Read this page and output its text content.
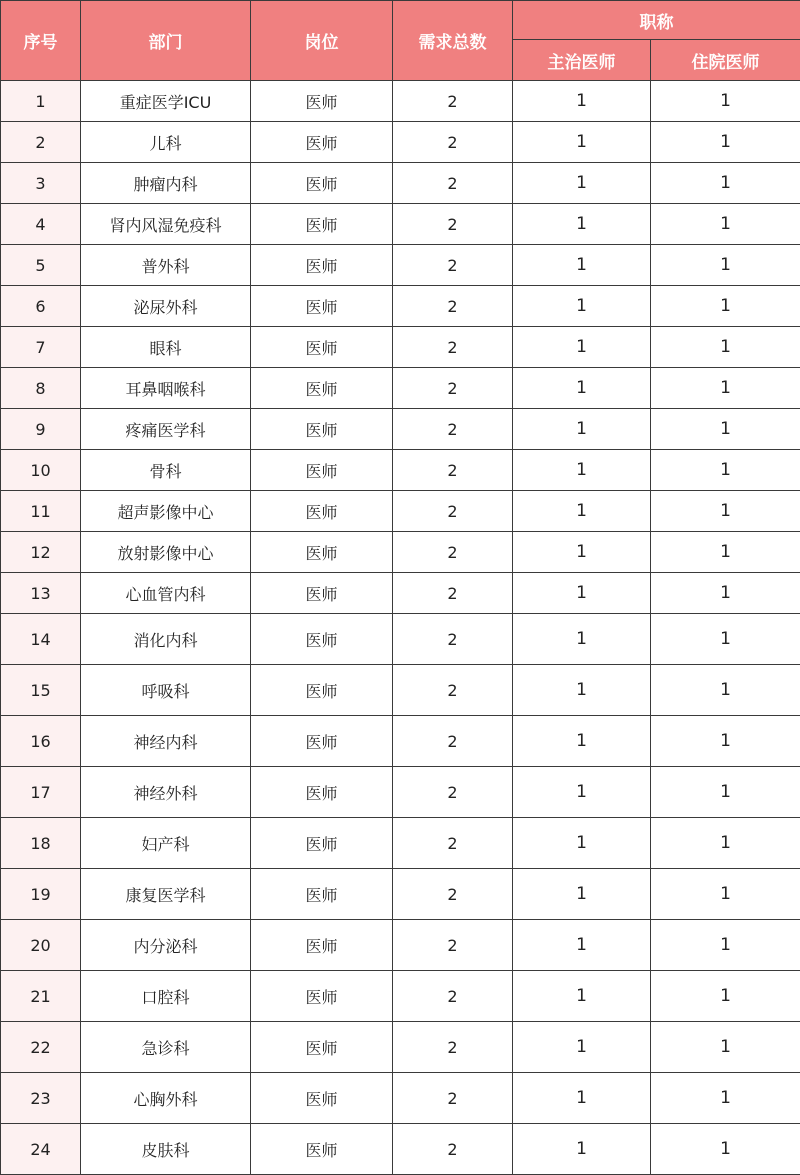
序号	部门	岗位	需求总数	职称	
				主治医师	住院医师
1	重症医学ICU	医师	2	1	1
2	儿科	医师	2	1	1
3	肿瘤内科	医师	2	1	1
4	肾内风湿免疫科	医师	2	1	1
5	普外科	医师	2	1	1
6	泌尿外科	医师	2	1	1
7	眼科	医师	2	1	1
8	耳鼻咽喉科	医师	2	1	1
9	疼痛医学科	医师	2	1	1
10	骨科	医师	2	1	1
11	超声影像中心	医师	2	1	1
12	放射影像中心	医师	2	1	1
13	心血管内科	医师	2	1	1
14	消化内科	医师	2	1	1
15	呼吸科	医师	2	1	1
16	神经内科	医师	2	1	1
17	神经外科	医师	2	1	1
18	妇产科	医师	2	1	1
19	康复医学科	医师	2	1	1
20	内分泌科	医师	2	1	1
21	口腔科	医师	2	1	1
22	急诊科	医师	2	1	1
23	心胸外科	医师	2	1	1
24	皮肤科	医师	2	1	1
